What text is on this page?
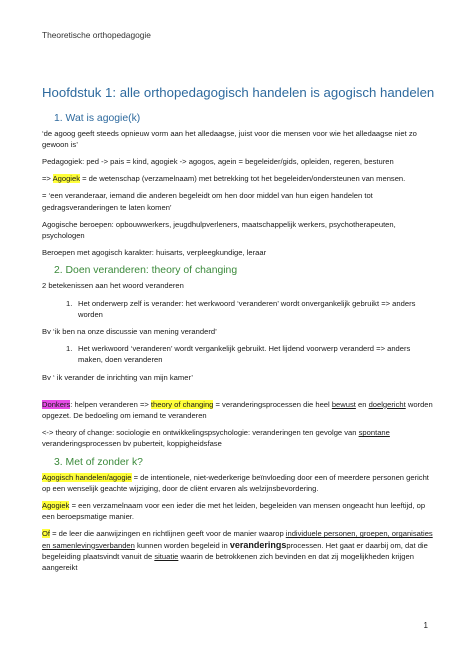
Theoretische orthopedagogie
Hoofdstuk 1: alle orthopedagogisch handelen is agogisch handelen
1. Wat is agogie(k)

‘de agoog geeft steeds opnieuw vorm aan het alledaagse, juist voor die mensen voor wie het alledaagse niet zo gewoon is’

Pedagogiek: ped -> pais = kind, agogiek -> agogos, agein = begeleider/gids, opleiden, regeren, besturen

=> Agogiek = de wetenschap (verzamelnaam) met betrekking tot het begeleiden/ondersteunen van mensen.

= ‘een veranderaar, iemand die anderen begeleidt om hen door middel van hun eigen handelen tot gedragsveranderingen te laten komen’

Agogische beroepen: opbouwwerkers, jeugdhulpverleners, maatschappelijk werkers, psychotherapeuten, psychologen

Beroepen met agogisch karakter: huisarts, verpleegkundige, leraar

2. Doen veranderen: theory of changing

2 betekenissen aan het woord veranderen

1. Het onderwerp zelf is verander: het werkwoord ‘veranderen’ wordt onvergankelijk gebruikt => anders worden

Bv ‘ik ben na onze discussie van mening veranderd’

1. Het werkwoord ‘veranderen’ wordt vergankelijk gebruikt. Het lijdend voorwerp veranderd => anders maken, doen veranderen

Bv ‘ ik verander de inrichting van mijn kamer’

Donkers: helpen veranderen => theory of changing = veranderingsprocessen die heel bewust en doelgericht worden opgezet. De bedoeling om iemand te veranderen

<-> theory of change: sociologie en ontwikkelingspsychologie: veranderingen ten gevolge van spontane veranderingsprocessen bv puberteit, koppigheidsfase

3. Met of zonder k?

Agogisch handelen/agogie = de intentionele, niet-wederkerige beïnvloeding door een of meerdere personen gericht op een wenselijk geachte wijziging, door de cliënt ervaren als welzijnsbevordering.

Agogiek = een verzamelnaam voor een ieder die met het leiden, begeleiden van mensen ongeacht hun leeftijd, op een beroepsmatige manier.

Of = de leer die aanwijzingen en richtlijnen geeft voor de manier waarop individuele personen, groepen, organisaties en samenlevingsverbanden kunnen worden begeleid in veranderingsprocessen. Het gaat er daarbij om, dat die begeleiding plaatsvindt vanuit de situatie waarin de betrokkenen zich bevinden en dat zij mogelijkheden krijgen aangereikt

1
